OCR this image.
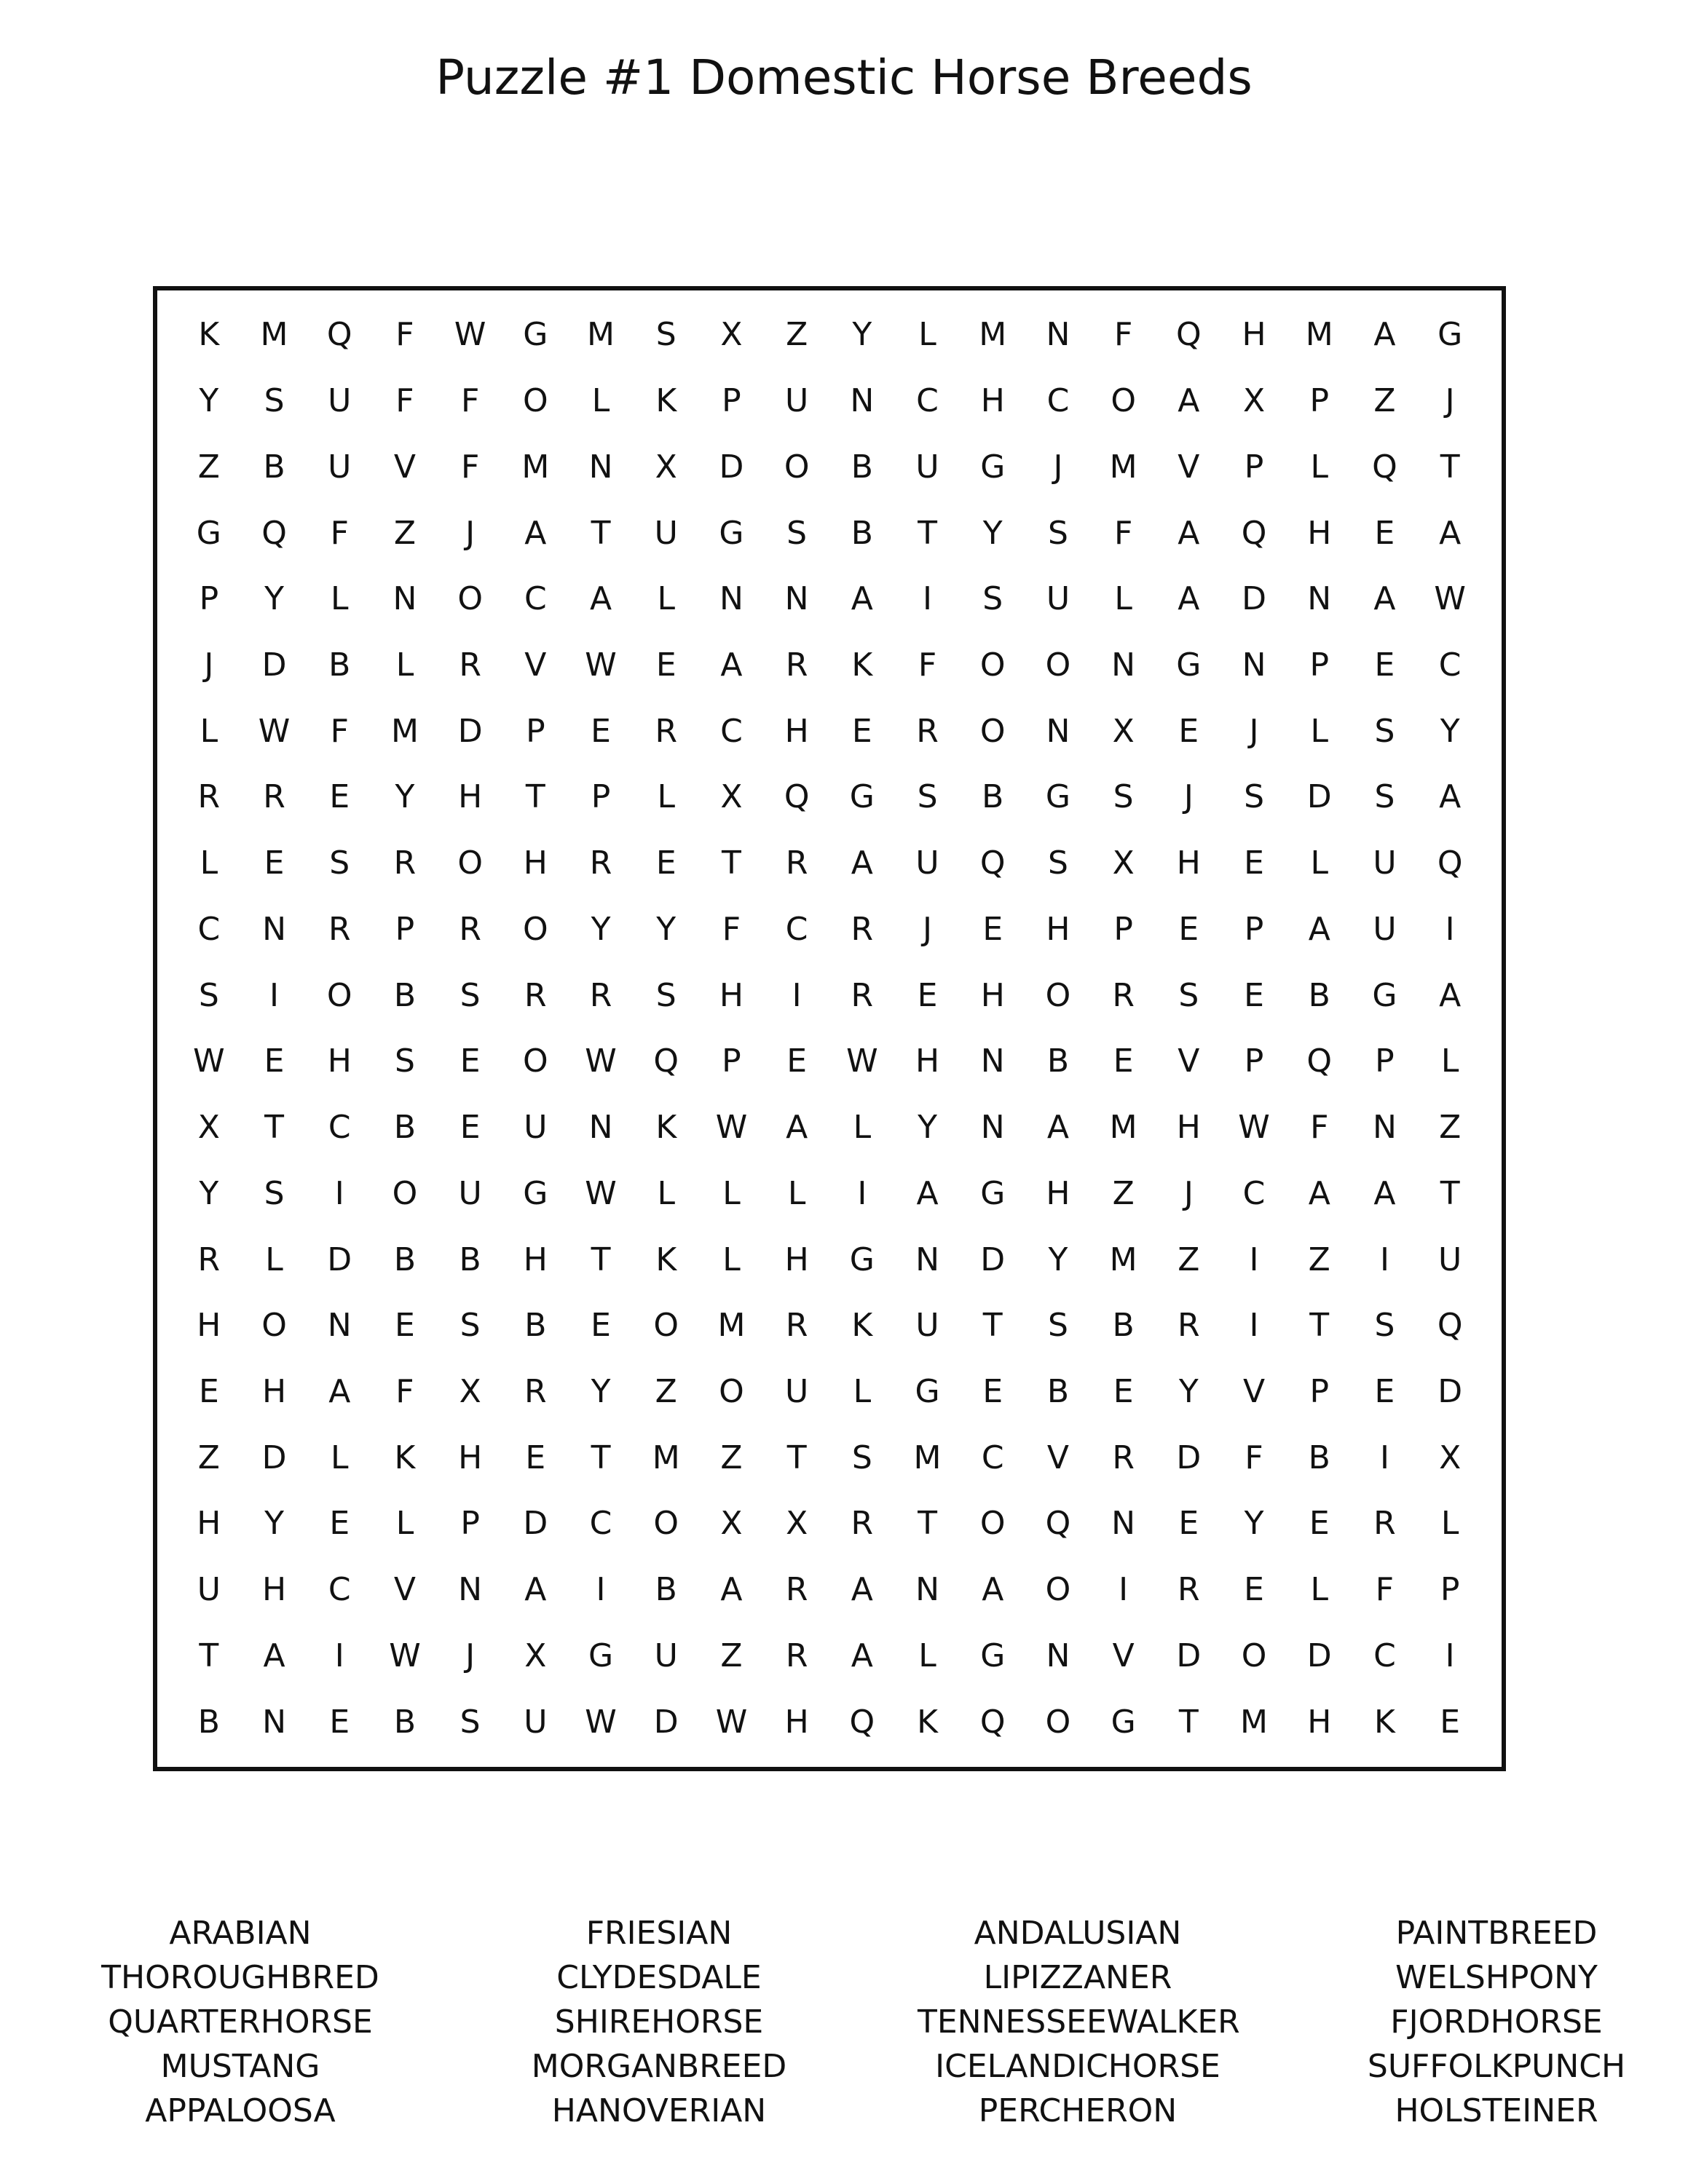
Puzzle #1 Domestic Horse Breeds
K	M	Q	F	W	G	M	S	X	Z	Y	L	M	N	F	Q	H	M	A	G
Y	S	U	F	F	O	L	K	P	U	N	C	H	C	O	A	X	P	Z	J
Z	B	U	V	F	M	N	X	D	O	B	U	G	J	M	V	P	L	Q	T
G	Q	F	Z	J	A	T	U	G	S	B	T	Y	S	F	A	Q	H	E	A
P	Y	L	N	O	C	A	L	N	N	A	I	S	U	L	A	D	N	A	W
J	D	B	L	R	V	W	E	A	R	K	F	O	O	N	G	N	P	E	C
L	W	F	M	D	P	E	R	C	H	E	R	O	N	X	E	J	L	S	Y
R	R	E	Y	H	T	P	L	X	Q	G	S	B	G	S	J	S	D	S	A
L	E	S	R	O	H	R	E	T	R	A	U	Q	S	X	H	E	L	U	Q
C	N	R	P	R	O	Y	Y	F	C	R	J	E	H	P	E	P	A	U	I
S	I	O	B	S	R	R	S	H	I	R	E	H	O	R	S	E	B	G	A
W	E	H	S	E	O	W	Q	P	E	W	H	N	B	E	V	P	Q	P	L
X	T	C	B	E	U	N	K	W	A	L	Y	N	A	M	H	W	F	N	Z
Y	S	I	O	U	G	W	L	L	L	I	A	G	H	Z	J	C	A	A	T
R	L	D	B	B	H	T	K	L	H	G	N	D	Y	M	Z	I	Z	I	U
H	O	N	E	S	B	E	O	M	R	K	U	T	S	B	R	I	T	S	Q
E	H	A	F	X	R	Y	Z	O	U	L	G	E	B	E	Y	V	P	E	D
Z	D	L	K	H	E	T	M	Z	T	S	M	C	V	R	D	F	B	I	X
H	Y	E	L	P	D	C	O	X	X	R	T	O	Q	N	E	Y	E	R	L
U	H	C	V	N	A	I	B	A	R	A	N	A	O	I	R	E	L	F	P
T	A	I	W	J	X	G	U	Z	R	A	L	G	N	V	D	O	D	C	I
B	N	E	B	S	U	W	D	W	H	Q	K	Q	O	G	T	M	H	K	E
ARABIAN
THOROUGHBRED
QUARTERHORSE
MUSTANG
APPALOOSA
FRIESIAN
CLYDESDALE
SHIREHORSE
MORGANBREED
HANOVERIAN
ANDALUSIAN
LIPIZZANER
TENNESSEEWALKER
ICELANDICHORSE
PERCHERON
PAINTBREED
WELSHPONY
FJORDHORSE
SUFFOLKPUNCH
HOLSTEINER
